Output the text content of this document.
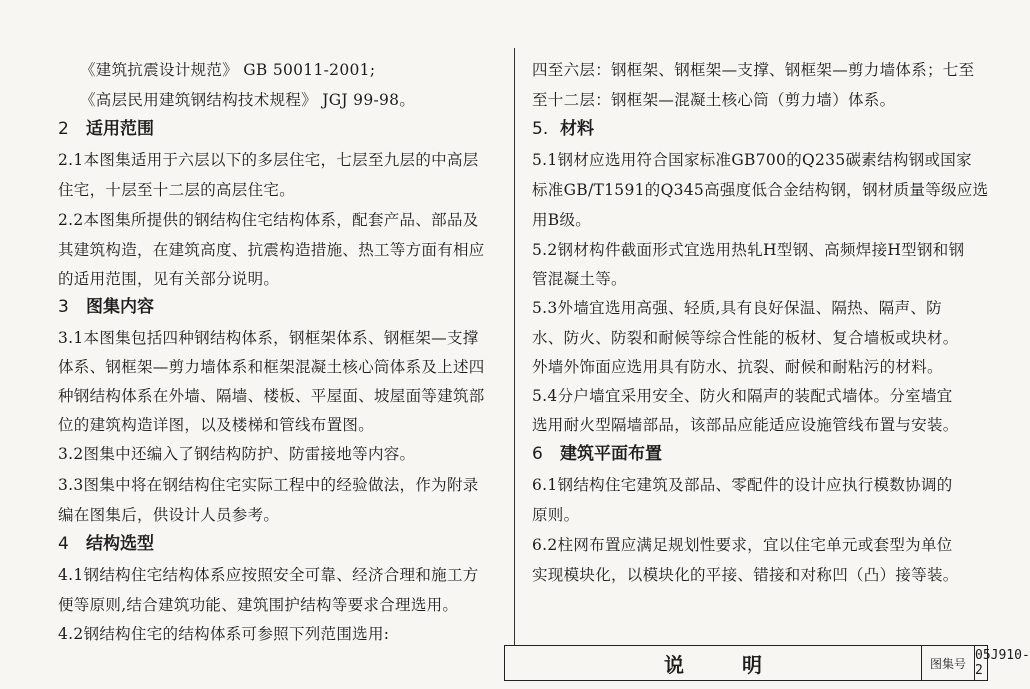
《建筑抗震设计规范》 GB 50011-2001;
《高层民用建筑钢结构技术规程》 JGJ 99-98。
2 适用范围
2.1本图集适用于六层以下的多层住宅，七层至九层的中高层
住宅，十层至十二层的高层住宅。
2.2本图集所提供的钢结构住宅结构体系，配套产品、部品及
其建筑构造，在建筑高度、抗震构造措施、热工等方面有相应
的适用范围，见有关部分说明。
3 图集内容
3.1本图集包括四种钢结构体系，钢框架体系、钢框架—支撑
体系、钢框架—剪力墙体系和框架混凝土核心筒体系及上述四
种钢结构体系在外墙、隔墙、楼板、平屋面、坡屋面等建筑部
位的建筑构造详图，以及楼梯和管线布置图。
3.2图集中还编入了钢结构防护、防雷接地等内容。
3.3图集中将在钢结构住宅实际工程中的经验做法，作为附录
编在图集后，供设计人员参考。
4 结构选型
4.1钢结构住宅结构体系应按照安全可靠、经济合理和施工方
便等原则,结合建筑功能、建筑围护结构等要求合理选用。
4.2钢结构住宅的结构体系可参照下列范围选用:
四至六层：钢框架、钢框架—支撑、钢框架—剪力墙体系；七至
至十二层：钢框架—混凝土核心筒（剪力墙）体系。
5. 材料
5.1钢材应选用符合国家标准GB700的Q235碳素结构钢或国家
标准GB/T1591的Q345高强度低合金结构钢，钢材质量等级应选
用B级。
5.2钢材构件截面形式宜选用热轧H型钢、高频焊接H型钢和钢
管混凝土等。
5.3外墙宜选用高强、轻质,具有良好保温、隔热、隔声、防
水、防火、防裂和耐候等综合性能的板材、复合墙板或块材。
外墙外饰面应选用具有防水、抗裂、耐候和耐粘污的材料。
5.4分户墙宜采用安全、防火和隔声的装配式墙体。分室墙宜
选用耐火型隔墙部品，该部品应能适应设施管线布置与安装。
6 建筑平面布置
6.1钢结构住宅建筑及部品、零配件的设计应执行模数协调的
原则。
6.2柱网布置应满足规划性要求，宜以住宅单元或套型为单位
实现模块化，以模块化的平接、错接和对称凹（凸）接等装。
说明	图集号
05J910-2
